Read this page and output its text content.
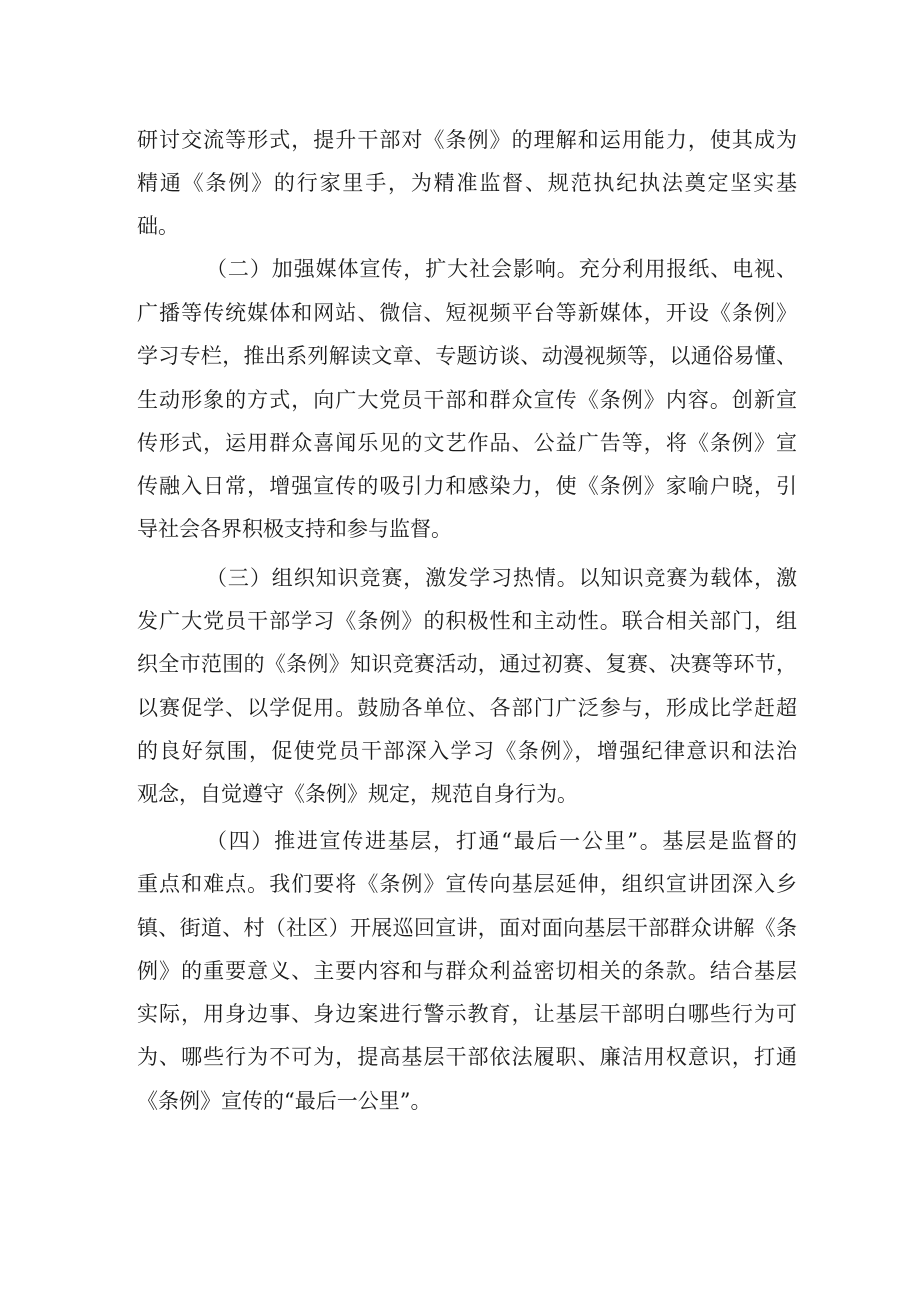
研讨交流等形式，提升干部对《条例》的理解和运用能力，使其成为

精通《条例》的行家里手，为精准监督、规范执纪执法奠定坚实基

础。

（二）加强媒体宣传，扩大社会影响。充分利用报纸、电视、

广播等传统媒体和网站、微信、短视频平台等新媒体，开设《条例》

学习专栏，推出系列解读文章、专题访谈、动漫视频等，以通俗易懂、

生动形象的方式，向广大党员干部和群众宣传《条例》内容。创新宣

传形式，运用群众喜闻乐见的文艺作品、公益广告等，将《条例》宣

传融入日常，增强宣传的吸引力和感染力，使《条例》家喻户晓，引

导社会各界积极支持和参与监督。

（三）组织知识竞赛，激发学习热情。以知识竞赛为载体，激

发广大党员干部学习《条例》的积极性和主动性。联合相关部门，组

织全市范围的《条例》知识竞赛活动，通过初赛、复赛、决赛等环节，

以赛促学、以学促用。鼓励各单位、各部门广泛参与，形成比学赶超

的良好氛围，促使党员干部深入学习《条例》，增强纪律意识和法治

观念，自觉遵守《条例》规定，规范自身行为。

（四）推进宣传进基层，打通“最后一公里”。基层是监督的

重点和难点。我们要将《条例》宣传向基层延伸，组织宣讲团深入乡

镇、街道、村（社区）开展巡回宣讲，面对面向基层干部群众讲解《条

例》的重要意义、主要内容和与群众利益密切相关的条款。结合基层

实际，用身边事、身边案进行警示教育，让基层干部明白哪些行为可

为、哪些行为不可为，提高基层干部依法履职、廉洁用权意识，打通

《条例》宣传的“最后一公里”。
